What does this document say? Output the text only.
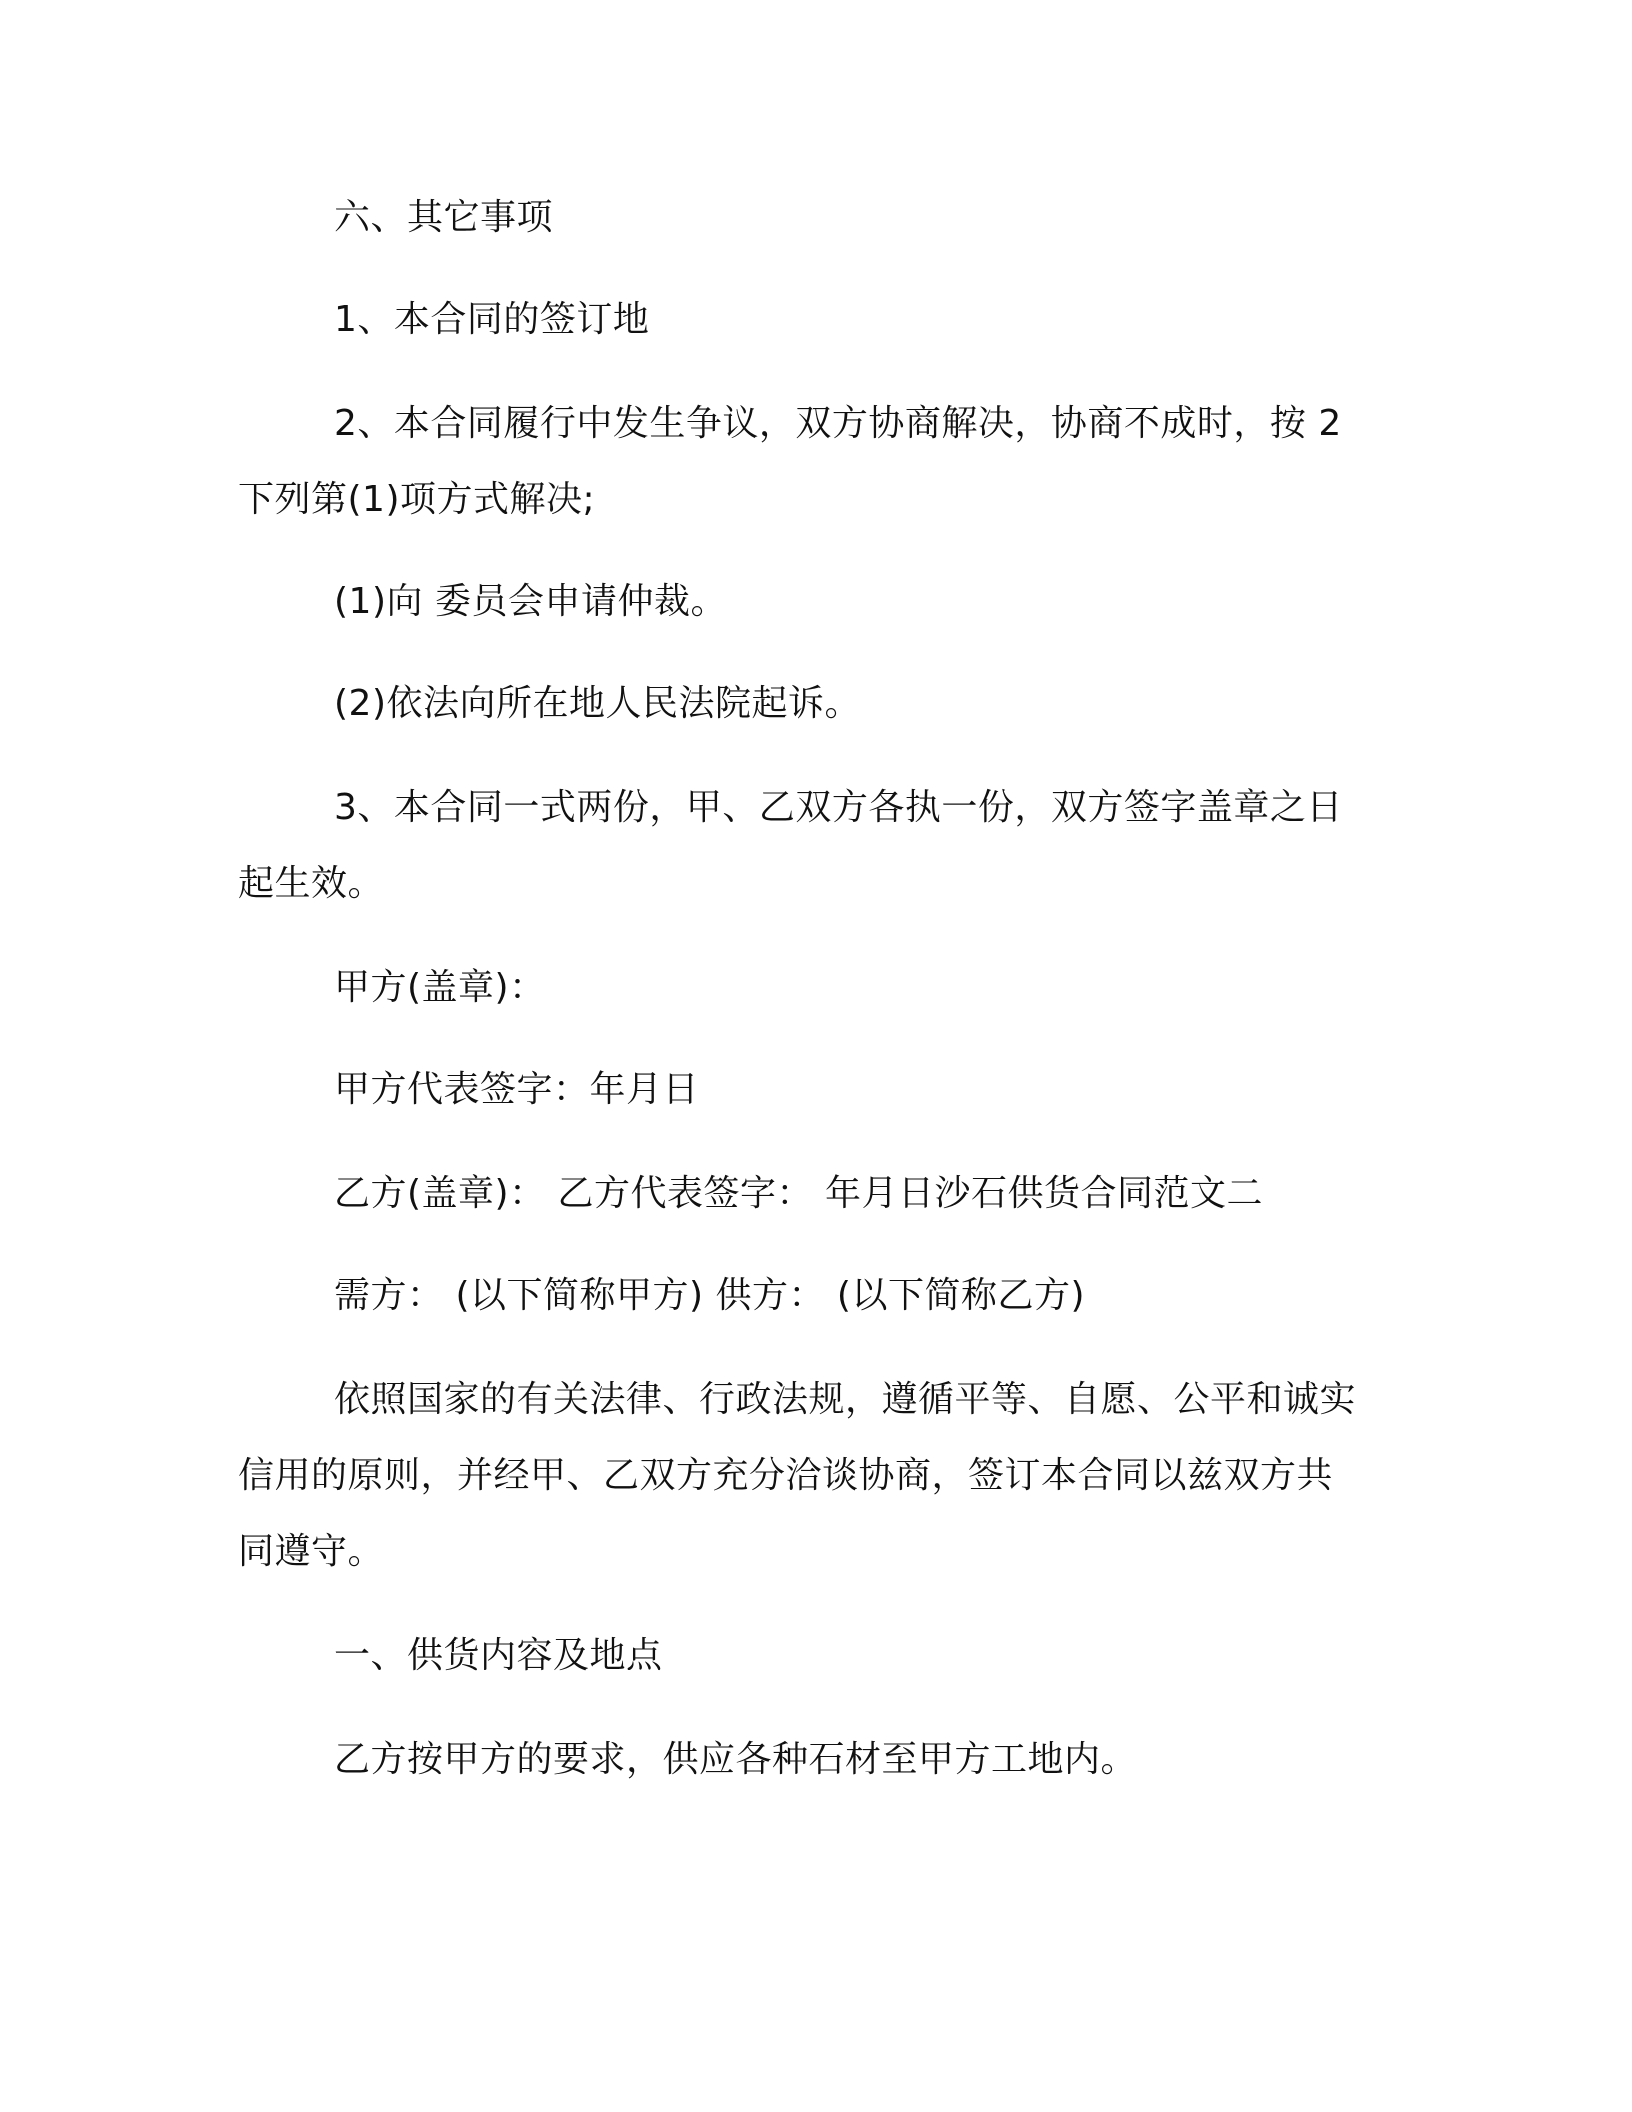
六、其它事项

1、本合同的签订地

2、本合同履行中发生争议，双方协商解决，协商不成时，按 2

下列第(1)项方式解决;

(1)向 委员会申请仲裁。

(2)依法向所在地人民法院起诉。

3、本合同一式两份，甲、乙双方各执一份，双方签字盖章之日

起生效。

甲方(盖章)：

甲方代表签字：年月日

乙方(盖章)： 乙方代表签字： 年月日沙石供货合同范文二

需方： (以下简称甲方) 供方： (以下简称乙方)

依照国家的有关法律、行政法规，遵循平等、自愿、公平和诚实

信用的原则，并经甲、乙双方充分洽谈协商，签订本合同以兹双方共

同遵守。

一、供货内容及地点

乙方按甲方的要求，供应各种石材至甲方工地内。
